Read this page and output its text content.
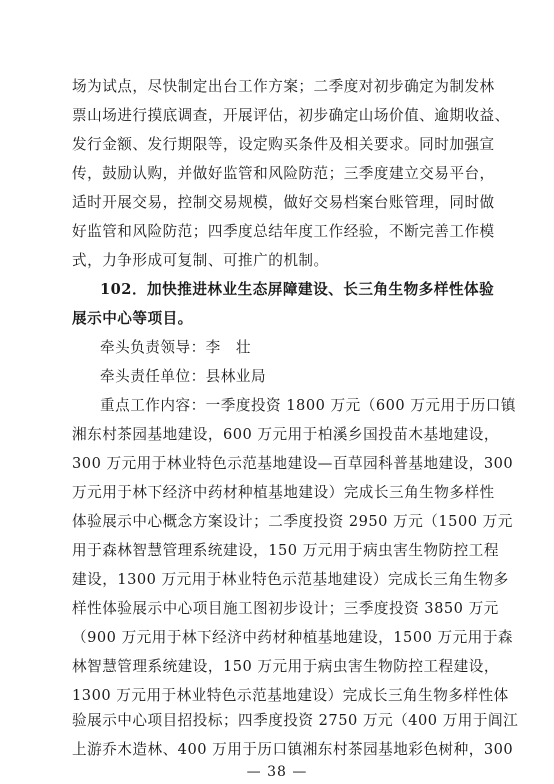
场为试点，尽快制定出台工作方案；二季度对初步确定为制发林
票山场进行摸底调查，开展评估，初步确定山场价值、逾期收益、
发行金额、发行期限等，设定购买条件及相关要求。同时加强宣
传，鼓励认购，并做好监管和风险防范；三季度建立交易平台，
适时开展交易，控制交易规模，做好交易档案台账管理，同时做
好监管和风险防范；四季度总结年度工作经验，不断完善工作模
式，力争形成可复制、可推广的机制。
102．加快推进林业生态屏障建设、长三角生物多样性体验
展示中心等项目。
牵头负责领导：李　壮
牵头责任单位：县林业局
重点工作内容：一季度投资 1800 万元（600 万元用于历口镇
湘东村茶园基地建设，600 万元用于柏溪乡国投苗木基地建设，
300 万元用于林业特色示范基地建设—百草园科普基地建设，300
万元用于林下经济中药材种植基地建设）完成长三角生物多样性
体验展示中心概念方案设计；二季度投资 2950 万元（1500 万元
用于森林智慧管理系统建设，150 万元用于病虫害生物防控工程
建设，1300 万元用于林业特色示范基地建设）完成长三角生物多
样性体验展示中心项目施工图初步设计；三季度投资 3850 万元
（900 万元用于林下经济中药材种植基地建设，1500 万元用于森
林智慧管理系统建设，150 万元用于病虫害生物防控工程建设，
1300 万元用于林业特色示范基地建设）完成长三角生物多样性体
验展示中心项目招投标；四季度投资 2750 万元（400 万用于阊江
上游乔木造林、400 万用于历口镇湘东村茶园基地彩色树种，300
— 38 —
